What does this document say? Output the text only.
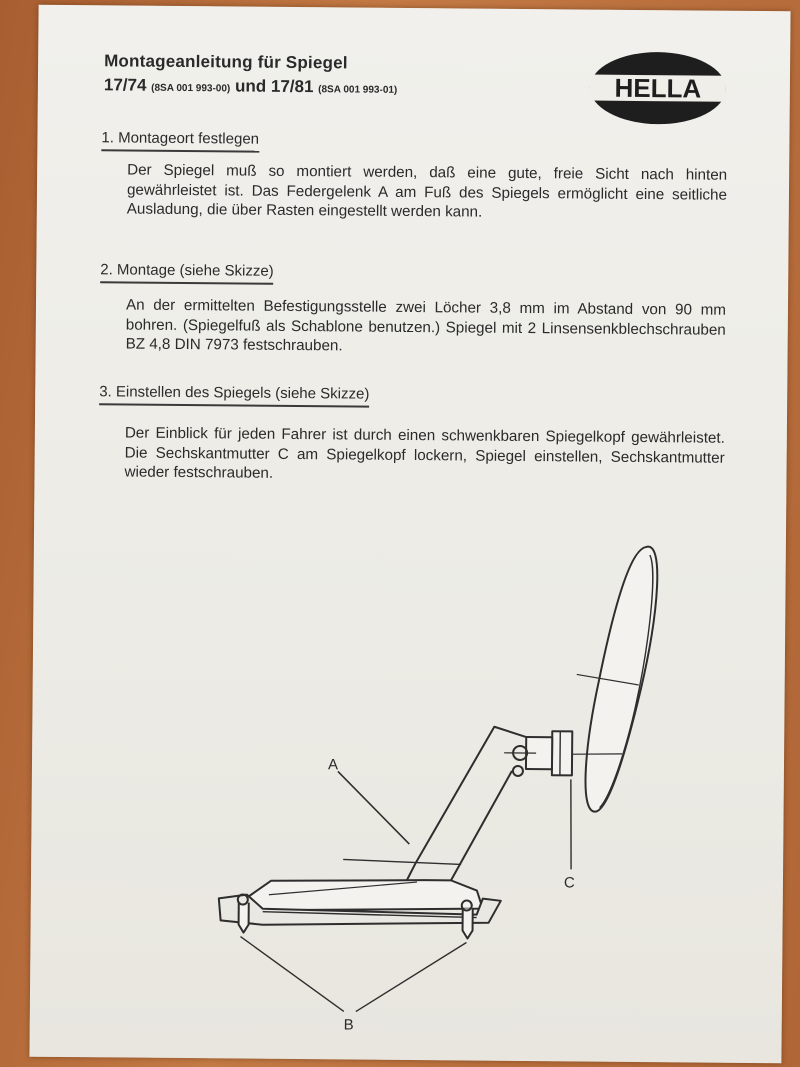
Montageanleitung für Spiegel
17/74 (8SA 001 993-00) und 17/81 (8SA 001 993-01)	HELLA
1. Montageort festlegen
Der Spiegel muß so montiert werden, daß eine gute, freie Sicht nach hinten gewährleistet ist. Das Federgelenk A am Fuß des Spiegels ermöglicht eine seitliche Ausladung, die über Rasten eingestellt werden kann.
2. Montage (siehe Skizze)
An der ermittelten Befestigungsstelle zwei Löcher 3,8 mm im Abstand von 90 mm bohren. (Spiegelfuß als Schablone benutzen.) Spiegel mit 2 Linsensenkblechschrauben BZ 4,8 DIN 7973 festschrauben.
3. Einstellen des Spiegels (siehe Skizze)
Der Einblick für jeden Fahrer ist durch einen schwenkbaren Spiegelkopf gewährleistet. Die Sechskantmutter C am Spiegelkopf lockern, Spiegel einstellen, Sechskantmutter wieder festschrauben.
A
C
B
